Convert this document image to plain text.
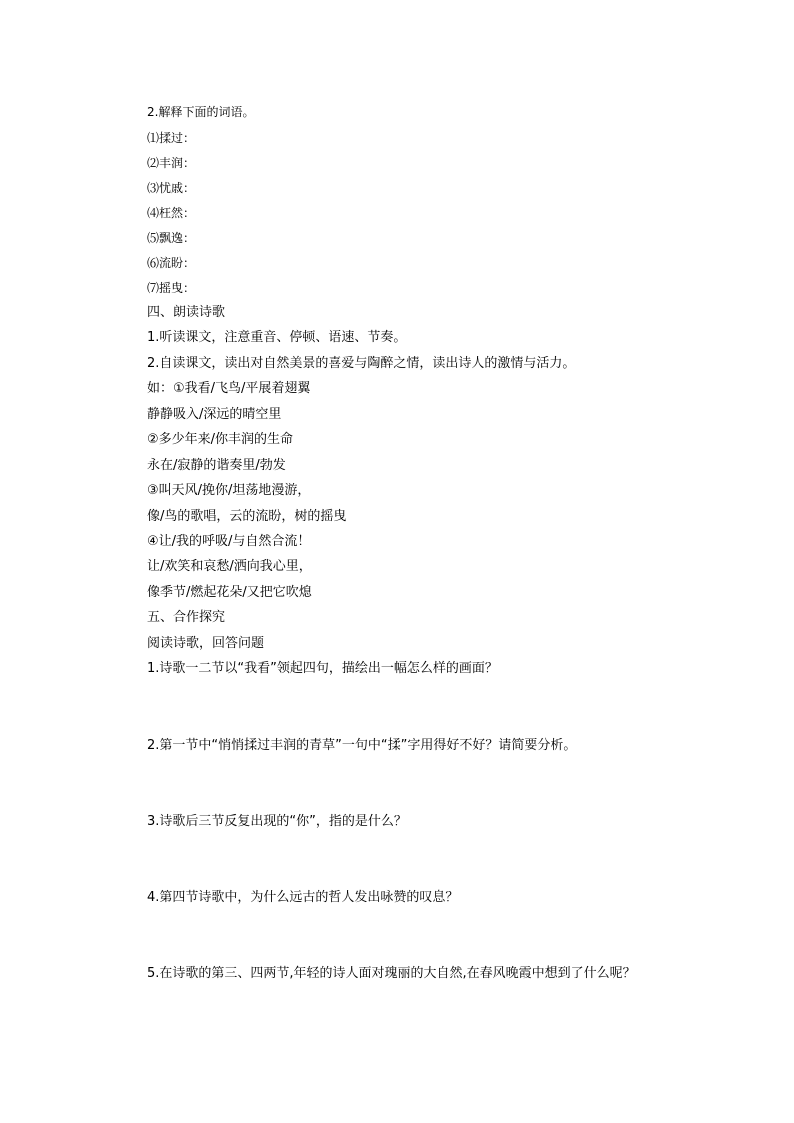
2.解释下面的词语。
⑴揉过：
⑵丰润：
⑶忧戚：
⑷枉然：
⑸飘逸：
⑹流盼：
⑺摇曳：
四、朗读诗歌
1.听读课文，注意重音、停顿、语速、节奏。
2.自读课文，读出对自然美景的喜爱与陶醉之情，读出诗人的激情与活力。
如：①我看/飞鸟/平展着翅翼
静静吸入/深远的晴空里
②多少年来/你丰润的生命
永在/寂静的谐奏里/勃发
③叫天风/挽你/坦荡地漫游，
像/鸟的歌唱，云的流盼，树的摇曳
④让/我的呼吸/与自然合流！
让/欢笑和哀愁/洒向我心里，
像季节/燃起花朵/又把它吹熄
五、合作探究
阅读诗歌，回答问题
1.诗歌一二节以“我看”领起四句，描绘出一幅怎么样的画面？
2.第一节中“悄悄揉过丰润的青草”一句中“揉”字用得好不好？请简要分析。
3.诗歌后三节反复出现的“你”，指的是什么？
4.第四节诗歌中，为什么远古的哲人发出咏赞的叹息？
5.在诗歌的第三、四两节,年轻的诗人面对瑰丽的大自然,在春风晚霞中想到了什么呢？
